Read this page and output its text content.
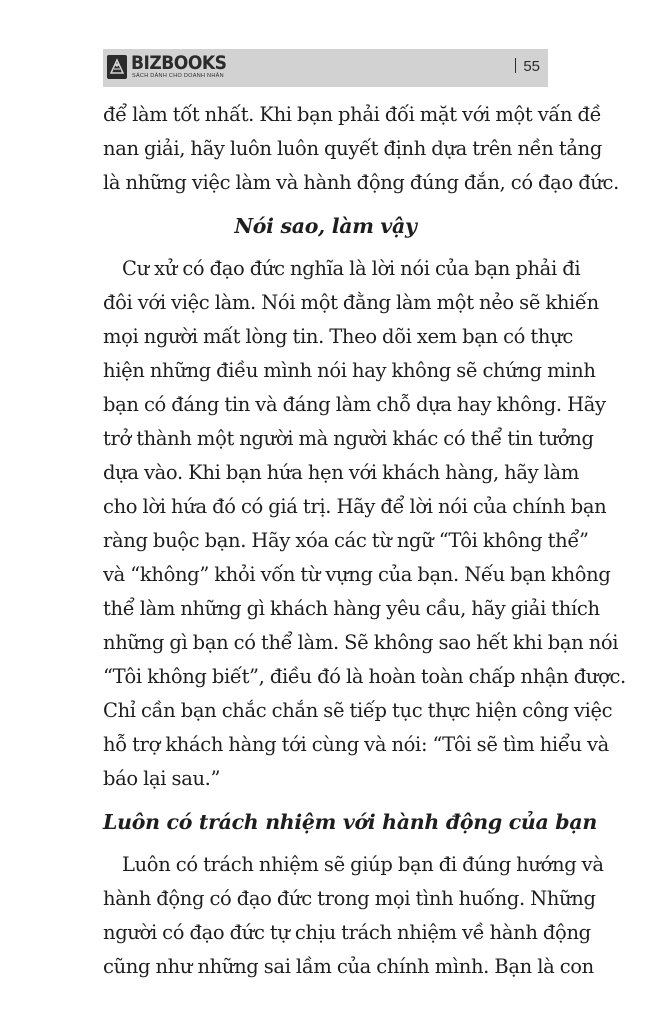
BIZBOOKS
SÁCH DÀNH CHO DOANH NHÂN
55
để làm tốt nhất. Khi bạn phải đối mặt với một vấn đề
nan giải, hãy luôn luôn quyết định dựa trên nền tảng
là những việc làm và hành động đúng đắn, có đạo đức.
Nói sao, làm vậy
Cư xử có đạo đức nghĩa là lời nói của bạn phải đi
đôi với việc làm. Nói một đằng làm một nẻo sẽ khiến
mọi người mất lòng tin. Theo dõi xem bạn có thực
hiện những điều mình nói hay không sẽ chứng minh
bạn có đáng tin và đáng làm chỗ dựa hay không. Hãy
trở thành một người mà người khác có thể tin tưởng
dựa vào. Khi bạn hứa hẹn với khách hàng, hãy làm
cho lời hứa đó có giá trị. Hãy để lời nói của chính bạn
ràng buộc bạn. Hãy xóa các từ ngữ “Tôi không thể”
và “không” khỏi vốn từ vựng của bạn. Nếu bạn không
thể làm những gì khách hàng yêu cầu, hãy giải thích
những gì bạn có thể làm. Sẽ không sao hết khi bạn nói
“Tôi không biết”, điều đó là hoàn toàn chấp nhận được.
Chỉ cần bạn chắc chắn sẽ tiếp tục thực hiện công việc
hỗ trợ khách hàng tới cùng và nói: “Tôi sẽ tìm hiểu và
báo lại sau.”
Luôn có trách nhiệm với hành động của bạn
Luôn có trách nhiệm sẽ giúp bạn đi đúng hướng và
hành động có đạo đức trong mọi tình huống. Những
người có đạo đức tự chịu trách nhiệm về hành động
cũng như những sai lầm của chính mình. Bạn là con
